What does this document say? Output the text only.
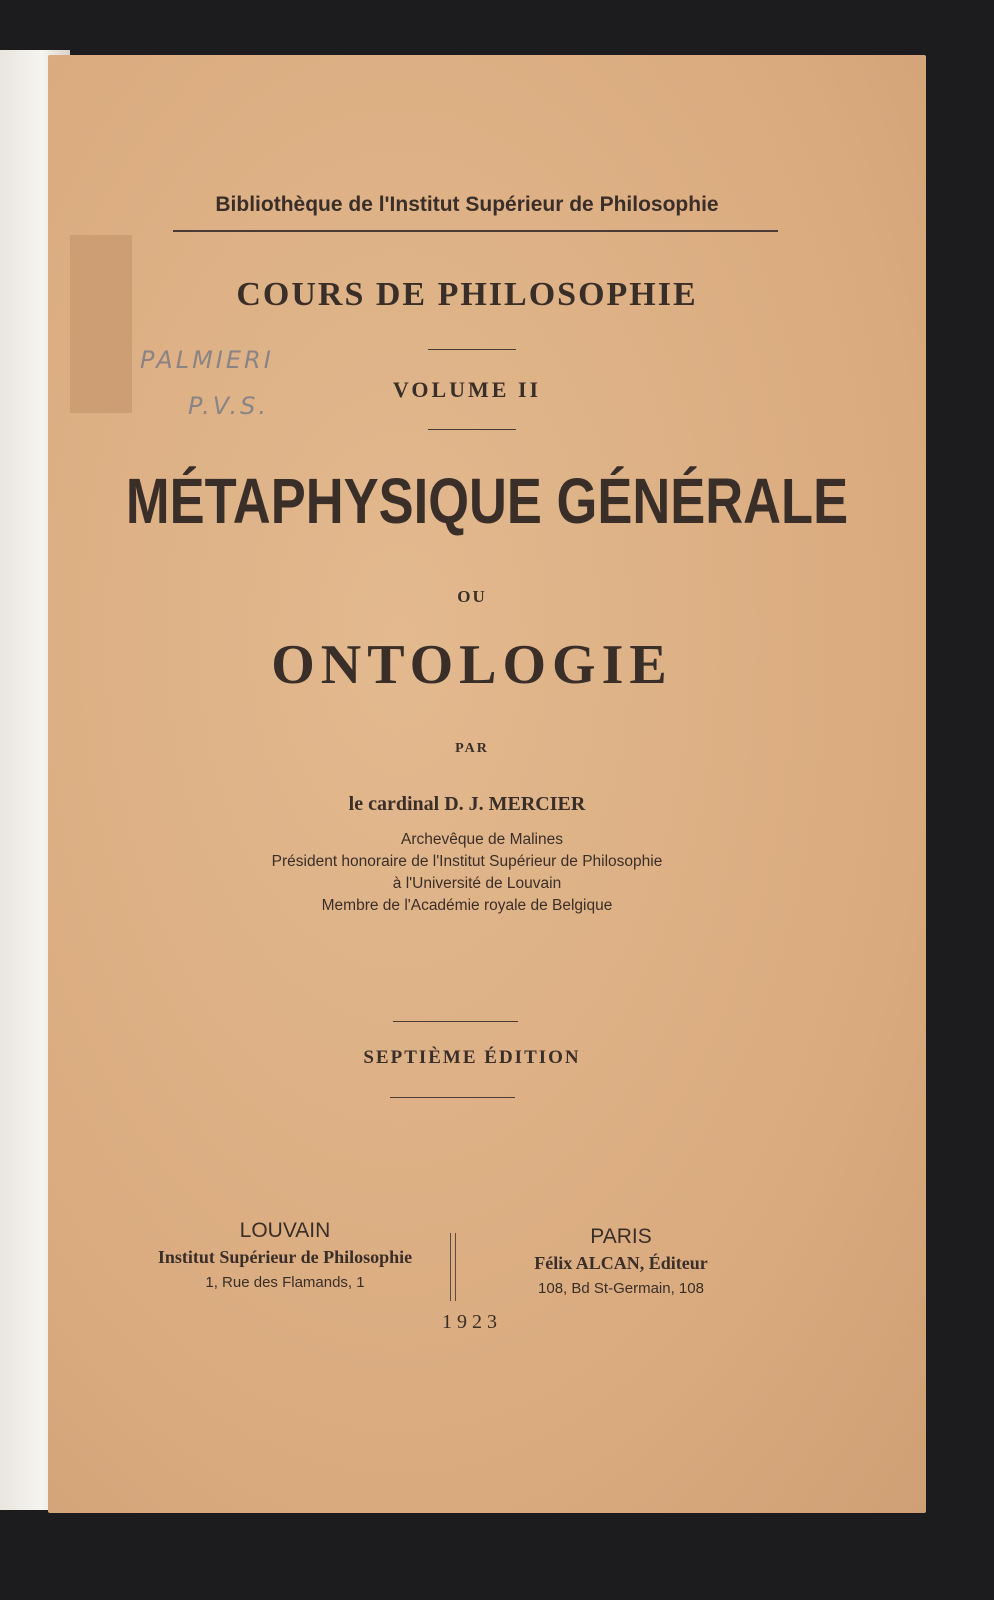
PALMIERI
P.V.S.
Bibliothèque de l'Institut Supérieur de Philosophie
COURS DE PHILOSOPHIE
VOLUME II
MÉTAPHYSIQUE GÉNÉRALE
OU
ONTOLOGIE
PAR
le cardinal D. J. MERCIER
Archevêque de Malines
Président honoraire de l'Institut Supérieur de Philosophie
à l'Université de Louvain
Membre de l'Académie royale de Belgique
SEPTIÈME ÉDITION
LOUVAIN
Institut Supérieur de Philosophie
1, Rue des Flamands, 1
PARIS
Félix ALCAN, Éditeur
108, Bd St-Germain, 108
1923
